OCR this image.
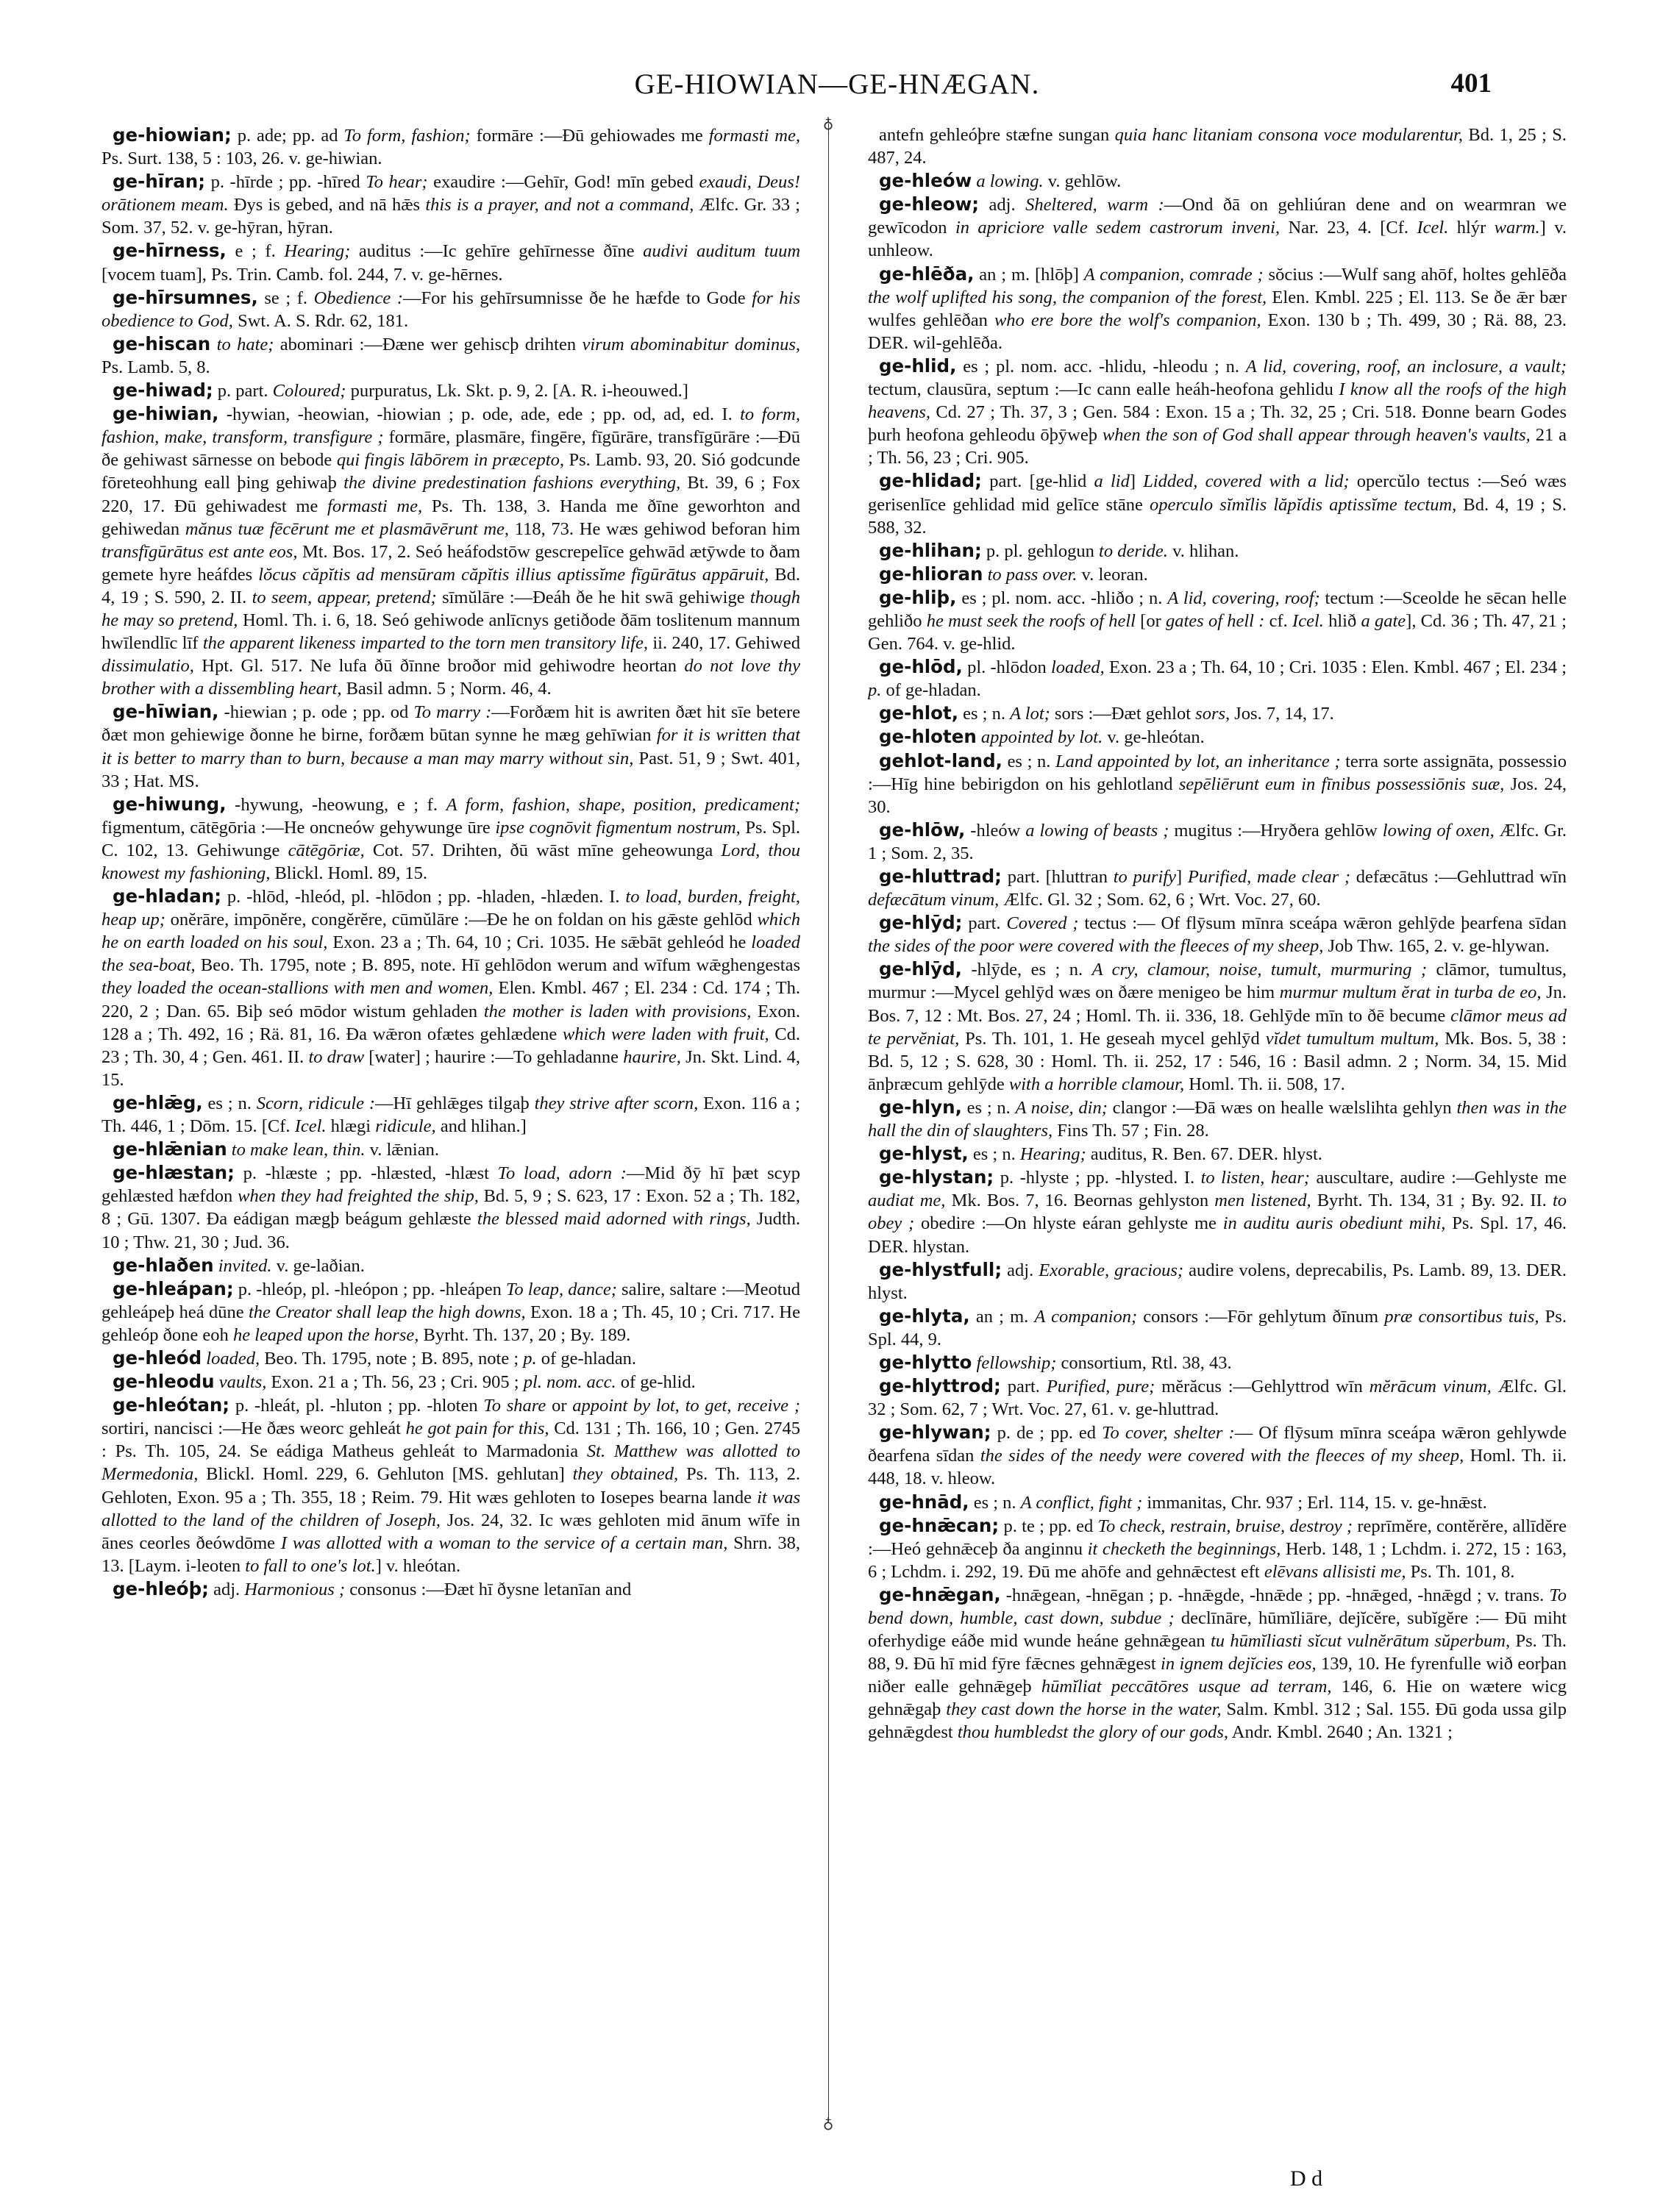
GE-HIOWIAN—GE-HNÆGAN.	401

ge-hiowian; p. ade; pp. ad To form, fashion; formāre :—Ðū gehiowades me formasti me, Ps. Surt. 138, 5 : 103, 26. v. ge-hiwian.

ge-hīran; p. -hīrde ; pp. -hīred To hear; exaudire :—Gehīr, God! mīn gebed exaudi, Deus! orātionem meam. Ðys is gebed, and nā hǣs this is a prayer, and not a command, Ælfc. Gr. 33 ; Som. 37, 52. v. ge-hȳran, hȳran.

ge-hīrness, e ; f. Hearing; auditus :—Ic gehīre gehīrnesse ðīne audivi auditum tuum [vocem tuam], Ps. Trin. Camb. fol. 244, 7. v. ge-hērnes.

ge-hīrsumnes, se ; f. Obedience :—For his gehīrsumnisse ðe he hæfde to Gode for his obedience to God, Swt. A. S. Rdr. 62, 181.

ge-hiscan to hate; abominari :—Ðæne wer gehiscþ drihten virum abominabitur dominus, Ps. Lamb. 5, 8.

ge-hiwad; p. part. Coloured; purpuratus, Lk. Skt. p. 9, 2. [A. R. i-heouwed.]

ge-hiwian, -hywian, -heowian, -hiowian ; p. ode, ade, ede ; pp. od, ad, ed. I. to form, fashion, make, transform, transfigure ; formāre, plasmāre, fingēre, fīgūrāre, transfīgūrāre :—Ðū ðe gehiwast sārnesse on bebode qui fingis lābōrem in præcepto, Ps. Lamb. 93, 20. Sió godcunde fōreteohhung eall þing gehiwaþ the divine predestination fashions everything, Bt. 39, 6 ; Fox 220, 17. Ðū gehiwadest me formasti me, Ps. Th. 138, 3. Handa me ðīne geworhton and gehiwedan mănus tuæ fēcērunt me et plasmāvērunt me, 118, 73. He wæs gehiwod beforan him transfīgūrātus est ante eos, Mt. Bos. 17, 2. Seó heáfodstōw gescrepelīce gehwād ætȳwde to ðam gemete hyre heáfdes lŏcus căpĭtis ad mensūram căpĭtis illius aptissĭme fīgūrātus appāruit, Bd. 4, 19 ; S. 590, 2. II. to seem, appear, pretend; sīmŭlāre :—Ðeáh ðe he hit swā gehiwige though he may so pretend, Homl. Th. i. 6, 18. Seó gehiwode anlīcnys getiðode ðām toslitenum mannum hwīlendlīc līf the apparent likeness imparted to the torn men transitory life, ii. 240, 17. Gehiwed dissimulatio, Hpt. Gl. 517. Ne lufa ðū ðīnne broðor mid gehiwodre heortan do not love thy brother with a dissembling heart, Basil admn. 5 ; Norm. 46, 4.

ge-hīwian, -hiewian ; p. ode ; pp. od To marry :—Forðæm hit is awriten ðæt hit sīe betere ðæt mon gehiewige ðonne he birne, forðæm būtan synne he mæg gehīwian for it is written that it is better to marry than to burn, because a man may marry without sin, Past. 51, 9 ; Swt. 401, 33 ; Hat. MS.

ge-hiwung, -hywung, -heowung, e ; f. A form, fashion, shape, position, predicament; figmentum, cātēgōria :—He oncneów gehywunge ūre ipse cognōvit figmentum nostrum, Ps. Spl. C. 102, 13. Gehiwunge cātēgōriæ, Cot. 57. Drihten, ðū wāst mīne geheowunga Lord, thou knowest my fashioning, Blickl. Homl. 89, 15.

ge-hladan; p. -hlōd, -hleód, pl. -hlōdon ; pp. -hladen, -hlæden. I. to load, burden, freight, heap up; onĕrāre, impōnĕre, congĕrĕre, cūmŭlāre :—Ðe he on foldan on his gǣste gehlōd which he on earth loaded on his soul, Exon. 23 a ; Th. 64, 10 ; Cri. 1035. He sǣbāt gehleód he loaded the sea-boat, Beo. Th. 1795, note ; B. 895, note. Hī gehlōdon werum and wīfum wǣghengestas they loaded the ocean-stallions with men and women, Elen. Kmbl. 467 ; El. 234 : Cd. 174 ; Th. 220, 2 ; Dan. 65. Biþ seó mōdor wistum gehladen the mother is laden with provisions, Exon. 128 a ; Th. 492, 16 ; Rä. 81, 16. Ða wǣron ofætes gehlædene which were laden with fruit, Cd. 23 ; Th. 30, 4 ; Gen. 461. II. to draw [water] ; haurire :—To gehladanne haurire, Jn. Skt. Lind. 4, 15.

ge-hlǣg, es ; n. Scorn, ridicule :—Hī gehlǣges tilgaþ they strive after scorn, Exon. 116 a ; Th. 446, 1 ; Dōm. 15. [Cf. Icel. hlægi ridicule, and hlihan.]

ge-hlǣnian to make lean, thin. v. lǣnian.

ge-hlæstan; p. -hlæste ; pp. -hlæsted, -hlæst To load, adorn :—Mid ðȳ hī þæt scyp gehlæsted hæfdon when they had freighted the ship, Bd. 5, 9 ; S. 623, 17 : Exon. 52 a ; Th. 182, 8 ; Gū. 1307. Ða eádigan mægþ beágum gehlæste the blessed maid adorned with rings, Judth. 10 ; Thw. 21, 30 ; Jud. 36.

ge-hlaðen invited. v. ge-laðian.

ge-hleápan; p. -hleóp, pl. -hleópon ; pp. -hleápen To leap, dance; salire, saltare :—Meotud gehleápeþ heá dūne the Creator shall leap the high downs, Exon. 18 a ; Th. 45, 10 ; Cri. 717. He gehleóp ðone eoh he leaped upon the horse, Byrht. Th. 137, 20 ; By. 189.

ge-hleód loaded, Beo. Th. 1795, note ; B. 895, note ; p. of ge-hladan.

ge-hleodu vaults, Exon. 21 a ; Th. 56, 23 ; Cri. 905 ; pl. nom. acc. of ge-hlid.

ge-hleótan; p. -hleát, pl. -hluton ; pp. -hloten To share or appoint by lot, to get, receive ; sortiri, nancisci :—He ðæs weorc gehleát he got pain for this, Cd. 131 ; Th. 166, 10 ; Gen. 2745 : Ps. Th. 105, 24. Se eádiga Matheus gehleát to Marmadonia St. Matthew was allotted to Mermedonia, Blickl. Homl. 229, 6. Gehluton [MS. gehlutan] they obtained, Ps. Th. 113, 2. Gehloten, Exon. 95 a ; Th. 355, 18 ; Reim. 79. Hit wæs gehloten to Iosepes bearna lande it was allotted to the land of the children of Joseph, Jos. 24, 32. Ic wæs gehloten mid ānum wīfe in ānes ceorles ðeówdōme I was allotted with a woman to the service of a certain man, Shrn. 38, 13. [Laym. i-leoten to fall to one's lot.] v. hleótan.

ge-hleóþ; adj. Harmonious ; consonus :—Ðæt hī ðysne letanīan and

♁
♁

antefn gehleóþre stæfne sungan quia hanc litaniam consona voce modularentur, Bd. 1, 25 ; S. 487, 24.

ge-hleów a lowing. v. gehlōw.

ge-hleow; adj. Sheltered, warm :—Ond ðā on gehliúran dene and on wearmran we gewīcodon in apriciore valle sedem castrorum inveni, Nar. 23, 4. [Cf. Icel. hlýr warm.] v. unhleow.

ge-hlēða, an ; m. [hlōþ] A companion, comrade ; sŏcius :—Wulf sang ahōf, holtes gehlēða the wolf uplifted his song, the companion of the forest, Elen. Kmbl. 225 ; El. 113. Se ðe ǣr bær wulfes gehlēðan who ere bore the wolf's companion, Exon. 130 b ; Th. 499, 30 ; Rä. 88, 23. DER. wil-gehlēða.

ge-hlid, es ; pl. nom. acc. -hlidu, -hleodu ; n. A lid, covering, roof, an inclosure, a vault; tectum, clausūra, septum :—Ic cann ealle heáh-heofona gehlidu I know all the roofs of the high heavens, Cd. 27 ; Th. 37, 3 ; Gen. 584 : Exon. 15 a ; Th. 32, 25 ; Cri. 518. Ðonne bearn Godes þurh heofona gehleodu ōþȳweþ when the son of God shall appear through heaven's vaults, 21 a ; Th. 56, 23 ; Cri. 905.

ge-hlidad; part. [ge-hlid a lid] Lidded, covered with a lid; opercŭlo tectus :—Seó wæs gerisenlīce gehlidad mid gelīce stāne operculo sĭmĭlis lăpĭdis aptissĭme tectum, Bd. 4, 19 ; S. 588, 32.

ge-hlihan; p. pl. gehlogun to deride. v. hlihan.

ge-hlioran to pass over. v. leoran.

ge-hliþ, es ; pl. nom. acc. -hliðo ; n. A lid, covering, roof; tectum :—Sceolde he sēcan helle gehliðo he must seek the roofs of hell [or gates of hell : cf. Icel. hlið a gate], Cd. 36 ; Th. 47, 21 ; Gen. 764. v. ge-hlid.

ge-hlōd, pl. -hlōdon loaded, Exon. 23 a ; Th. 64, 10 ; Cri. 1035 : Elen. Kmbl. 467 ; El. 234 ; p. of ge-hladan.

ge-hlot, es ; n. A lot; sors :—Ðæt gehlot sors, Jos. 7, 14, 17.

ge-hloten appointed by lot. v. ge-hleótan.

gehlot-land, es ; n. Land appointed by lot, an inheritance ; terra sorte assignāta, possessio :—Hīg hine bebirigdon on his gehlotland sepēliērunt eum in fīnibus possessiōnis suæ, Jos. 24, 30.

ge-hlōw, -hleów a lowing of beasts ; mugitus :—Hryðera gehlōw lowing of oxen, Ælfc. Gr. 1 ; Som. 2, 35.

ge-hluttrad; part. [hluttran to purify] Purified, made clear ; defæcātus :—Gehluttrad wīn defæcātum vinum, Ælfc. Gl. 32 ; Som. 62, 6 ; Wrt. Voc. 27, 60.

ge-hlȳd; part. Covered ; tectus :— Of flȳsum mīnra sceápa wǣron gehlȳde þearfena sīdan the sides of the poor were covered with the fleeces of my sheep, Job Thw. 165, 2. v. ge-hlywan.

ge-hlȳd, -hlȳde, es ; n. A cry, clamour, noise, tumult, murmuring ; clāmor, tumultus, murmur :—Mycel gehlȳd wæs on ðære menigeo be him murmur multum ĕrat in turba de eo, Jn. Bos. 7, 12 : Mt. Bos. 27, 24 ; Homl. Th. ii. 336, 18. Gehlȳde mīn to ðē becume clāmor meus ad te pervĕniat, Ps. Th. 101, 1. He geseah mycel gehlȳd vĭdet tumultum multum, Mk. Bos. 5, 38 : Bd. 5, 12 ; S. 628, 30 : Homl. Th. ii. 252, 17 : 546, 16 : Basil admn. 2 ; Norm. 34, 15. Mid ānþræcum gehlȳde with a horrible clamour, Homl. Th. ii. 508, 17.

ge-hlyn, es ; n. A noise, din; clangor :—Ðā wæs on healle wælslihta gehlyn then was in the hall the din of slaughters, Fins Th. 57 ; Fin. 28.

ge-hlyst, es ; n. Hearing; auditus, R. Ben. 67. DER. hlyst.

ge-hlystan; p. -hlyste ; pp. -hlysted. I. to listen, hear; auscultare, audire :—Gehlyste me audiat me, Mk. Bos. 7, 16. Beornas gehlyston men listened, Byrht. Th. 134, 31 ; By. 92. II. to obey ; obedire :—On hlyste eáran gehlyste me in auditu auris obediunt mihi, Ps. Spl. 17, 46. DER. hlystan.

ge-hlystfull; adj. Exorable, gracious; audire volens, deprecabilis, Ps. Lamb. 89, 13. DER. hlyst.

ge-hlyta, an ; m. A companion; consors :—Fōr gehlytum ðīnum præ consortibus tuis, Ps. Spl. 44, 9.

ge-hlytto fellowship; consortium, Rtl. 38, 43.

ge-hlyttrod; part. Purified, pure; mĕrăcus :—Gehlyttrod wīn mĕrācum vinum, Ælfc. Gl. 32 ; Som. 62, 7 ; Wrt. Voc. 27, 61. v. ge-hluttrad.

ge-hlywan; p. de ; pp. ed To cover, shelter :— Of flȳsum mīnra sceápa wǣron gehlywde ðearfena sīdan the sides of the needy were covered with the fleeces of my sheep, Homl. Th. ii. 448, 18. v. hleow.

ge-hnād, es ; n. A conflict, fight ; immanitas, Chr. 937 ; Erl. 114, 15. v. ge-hnǣst.

ge-hnǣcan; p. te ; pp. ed To check, restrain, bruise, destroy ; reprīmĕre, contĕrĕre, allīdĕre :—Heó gehnǣceþ ða anginnu it checketh the beginnings, Herb. 148, 1 ; Lchdm. i. 272, 15 : 163, 6 ; Lchdm. i. 292, 19. Ðū me ahōfe and gehnǣctest eft elēvans allisisti me, Ps. Th. 101, 8.

ge-hnǣgan, -hnǣgean, -hnēgan ; p. -hnǣgde, -hnǣde ; pp. -hnǣged, -hnǣgd ; v. trans. To bend down, humble, cast down, subdue ; declīnāre, hūmĭliāre, dejĭcĕre, subĭgĕre :— Ðū miht oferhydige eáðe mid wunde heáne gehnǣgean tu hūmĭliasti sĭcut vulnĕrātum sŭperbum, Ps. Th. 88, 9. Ðū hī mid fȳre fǣcnes gehnǣgest in ignem dejĭcies eos, 139, 10. He fyrenfulle wið eorþan niðer ealle gehnǣgeþ hūmĭliat peccātōres usque ad terram, 146, 6. Hie on wætere wicg gehnǣgaþ they cast down the horse in the water, Salm. Kmbl. 312 ; Sal. 155. Ðū goda ussa gilp gehnǣgdest thou humbledst the glory of our gods, Andr. Kmbl. 2640 ; An. 1321 ;

D d
